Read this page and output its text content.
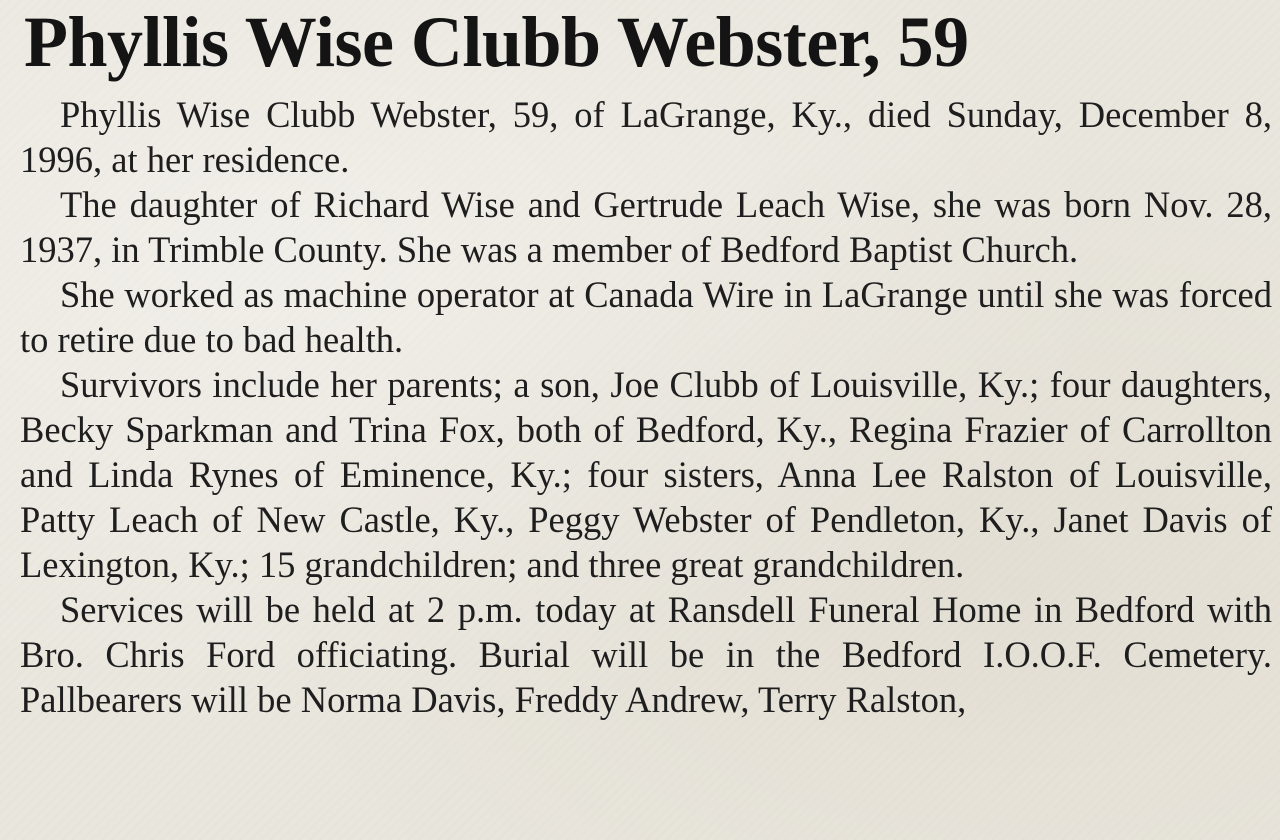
Phyllis Wise Clubb Webster, 59

Phyllis Wise Clubb Webster, 59, of LaGrange, Ky., died Sunday, December 8, 1996, at her residence.

The daughter of Richard Wise and Gertrude Leach Wise, she was born Nov. 28, 1937, in Trimble County. She was a member of Bedford Baptist Church.

She worked as machine operator at Canada Wire in LaGrange until she was forced to retire due to bad health.

Survivors include her parents; a son, Joe Clubb of Louisville, Ky.; four daughters, Becky Sparkman and Trina Fox, both of Bedford, Ky., Regina Frazier of Carrollton and Linda Rynes of Eminence, Ky.; four sisters, Anna Lee Ralston of Louisville, Patty Leach of New Castle, Ky., Peggy Webster of Pendleton, Ky., Janet Davis of Lexington, Ky.; 15 grandchildren; and three great grandchildren.

Services will be held at 2 p.m. today at Ransdell Funeral Home in Bedford with Bro. Chris Ford officiating. Burial will be in the Bedford I.O.O.F. Cemetery. Pallbearers will be Norma Davis, Freddy Andrew, Terry Ralston,
